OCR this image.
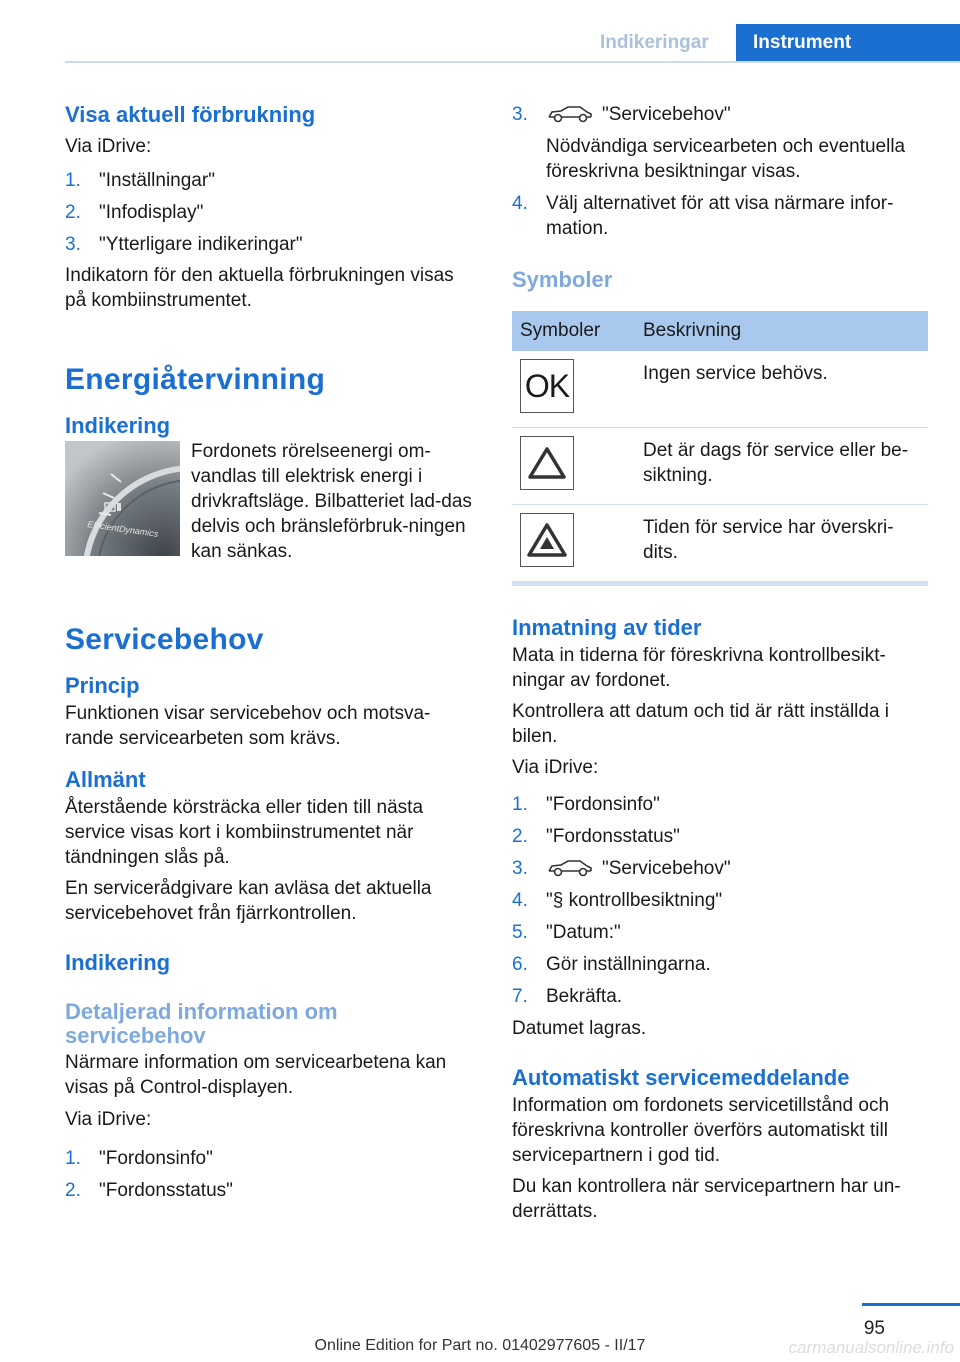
Indikeringar	Instrument
Visa aktuell förbrukning

Via iDrive:

1. "Inställningar"
2. "Infodisplay"
3. "Ytterligare indikeringar"

Indikatorn för den aktuella förbrukningen visas på kombiinstrumentet.

Energiåtervinning
Indikering
EfficientDynamics

Fordonets rörelseenergi om-vandlas till elektrisk energi i drivkraftsläge. Bilbatteriet lad-das delvis och bränsleförbruk-ningen kan sänkas.

Servicebehov
Princip

Funktionen visar servicebehov och motsva-rande servicearbeten som krävs.

Allmänt

Återstående körsträcka eller tiden till nästa service visas kort i kombiinstrumentet när tändningen slås på.

En servicerådgivare kan avläsa det aktuella servicebehovet från fjärrkontrollen.

Indikering
Detaljerad information om servicebehov

Närmare information om servicearbetena kan visas på Control-displayen.

Via iDrive:

1. "Fordonsinfo"
2. "Fordonsstatus"
3.	"Servicebehov"

Nödvändiga servicearbeten och eventuella föreskrivna besiktningar visas.

4. Välj alternativet för att visa närmare infor-mation.
Symboler
Symboler	Beskrivning

OK	Ingen service behövs.

	Det är dags för service eller be-siktning.

	Tiden för service har överskri-dits.
Inmatning av tider

Mata in tiderna för föreskrivna kontrollbesikt-ningar av fordonet.

Kontrollera att datum och tid är rätt inställda i bilen.

Via iDrive:

1. "Fordonsinfo"
2. "Fordonsstatus"
3.	"Servicebehov"
4. "§ kontrollbesiktning"
5. "Datum:"
6. Gör inställningarna.
7. Bekräfta.

Datumet lagras.

Automatiskt servicemeddelande

Information om fordonets servicetillstånd och föreskrivna kontroller överförs automatiskt till servicepartnern i god tid.

Du kan kontrollera när servicepartnern har un-derrättats.

95
Online Edition for Part no. 01402977605 - II/17	carmanualsonline.info
